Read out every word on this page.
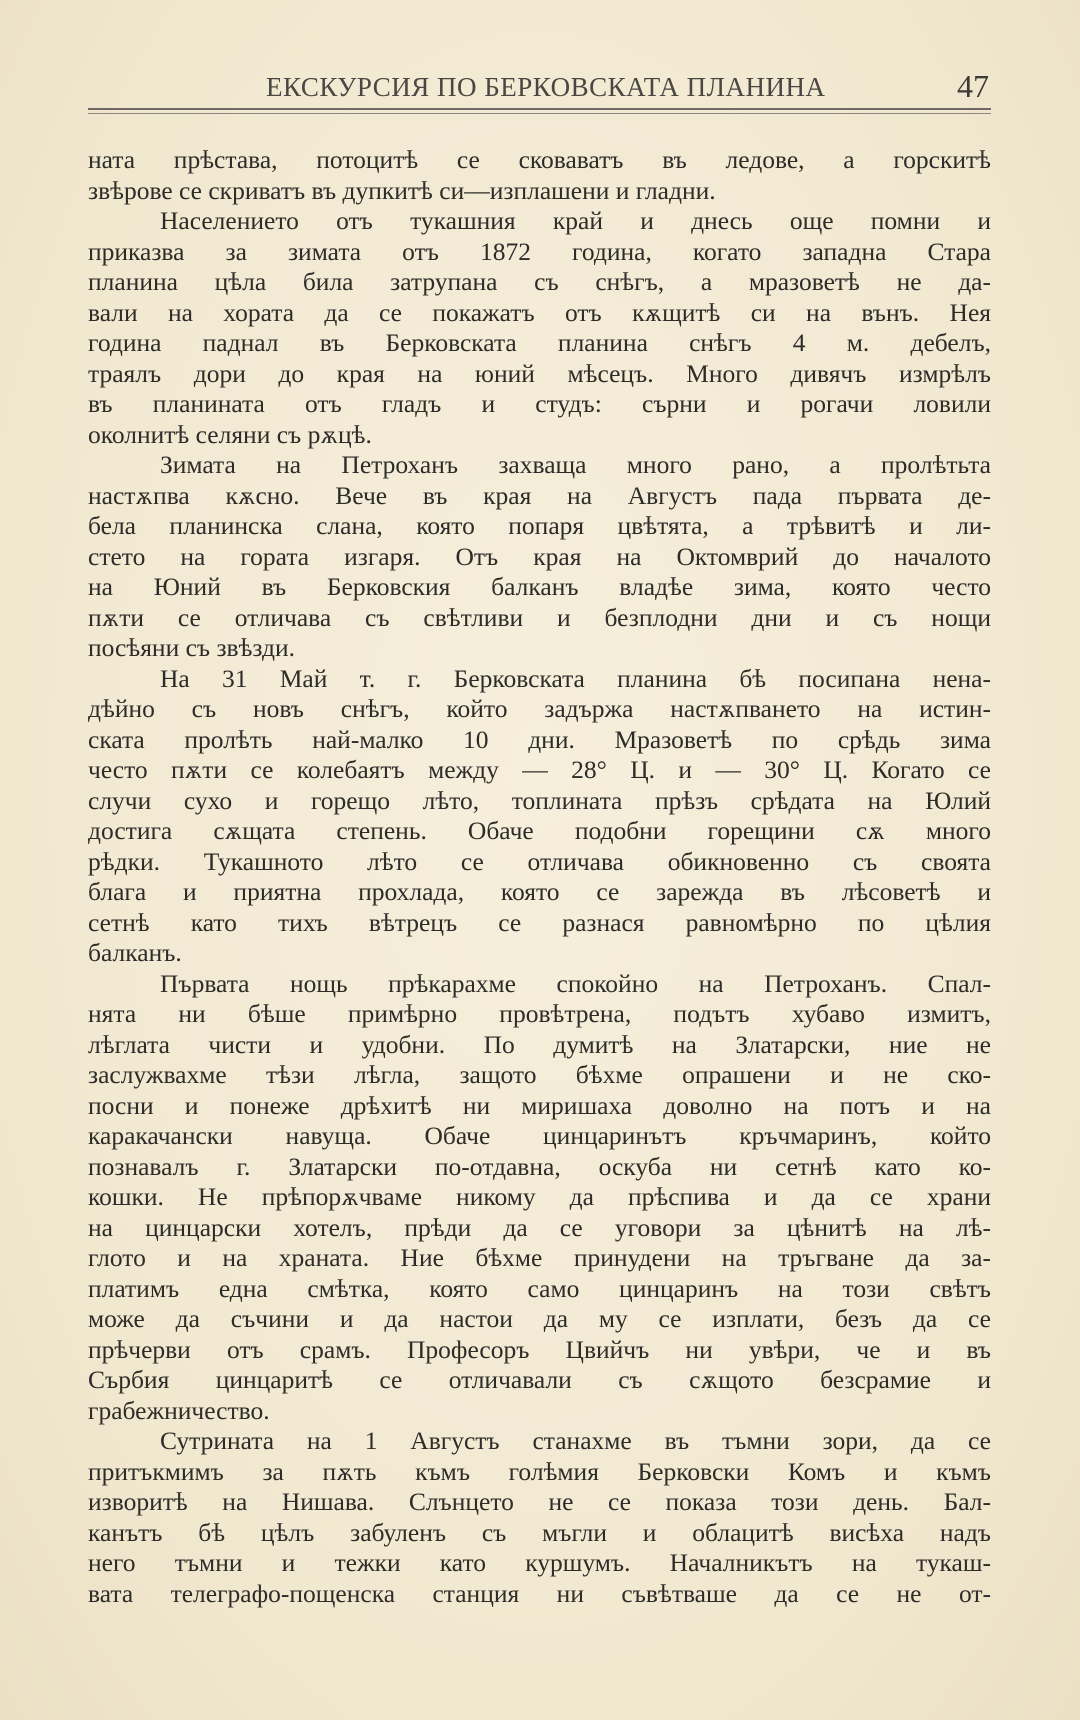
ЕКСКУРСИЯ ПО БЕРКОВСКАТА ПЛАНИНА	47
ната прѣстава, потоцитѣ се сковаватъ въ ледове, а горскитѣ
звѣрове се скриватъ въ дупкитѣ си—изплашени и гладни.
Населението отъ тукашния край и днесь още помни и
приказва за зимата отъ 1872 година, когато западна Стара
планина цѣла била затрупана съ снѣгъ, а мразоветѣ не да-
вали на хората да се покажатъ отъ кѫщитѣ си на вънъ. Нея
година паднал въ Берковската планина снѣгъ 4 м. дебелъ,
траялъ дори до края на юний мѣсецъ. Много дивячъ измрѣлъ
въ планината отъ гладъ и студъ: сърни и рогачи ловили
околнитѣ селяни съ рѫцѣ.
Зимата на Петроханъ захваща много рано, а пролѣтьта
настѫпва кѫсно. Вече въ края на Августъ пада първата де-
бела планинска слана, която попаря цвѣтята, а трѣвитѣ и ли-
стето на гората изгаря. Отъ края на Октомврий до началото
на Юний въ Берковския балканъ владѣе зима, която често
пѫти се отличава съ свѣтливи и безплодни дни и съ нощи
посѣяни съ звѣзди.
На 31 Май т. г. Берковската планина бѣ посипана нена-
дѣйно съ новъ снѣгъ, който задържа настѫпването на истин-
ската пролѣть най-малко 10 дни. Мразоветѣ по срѣдь зима
често пѫти се колебаятъ между — 28° Ц. и — 30° Ц. Когато се
случи сухо и горещо лѣто, топлината прѣзъ срѣдата на Юлий
достига сѫщата степень. Обаче подобни горещини сѫ много
рѣдки. Тукашното лѣто се отличава обикновенно съ своята
блага и приятна прохлада, която се зарежда въ лѣсоветѣ и
сетнѣ като тихъ вѣтрецъ се разнася равномѣрно по цѣлия
балканъ.
Първата нощь прѣкарахме спокойно на Петроханъ. Спал-
нята ни бѣше примѣрно провѣтрена, подътъ хубаво измитъ,
лѣглата чисти и удобни. По думитѣ на Златарски, ние не
заслужвахме тѣзи лѣгла, защото бѣхме опрашени и не ско-
посни и понеже дрѣхитѣ ни миришаха доволно на потъ и на
каракачански навуща. Обаче цинцаринътъ кръчмаринъ, който
познавалъ г. Златарски по-отдавна, оскуба ни сетнѣ като ко-
кошки. Не прѣпорѫчваме никому да прѣспива и да се храни
на цинцарски хотелъ, прѣди да се уговори за цѣнитѣ на лѣ-
глото и на храната. Ние бѣхме принудени на тръгване да за-
платимъ една смѣтка, която само цинцаринъ на този свѣтъ
може да съчини и да настои да му се изплати, безъ да се
прѣчерви отъ срамъ. Професоръ Цвийчъ ни увѣри, че и въ
Сърбия цинцаритѣ се отличавали съ сѫщото безсрамие и
грабежничество.
Сутрината на 1 Августъ станахме въ тъмни зори, да се
притъкмимъ за пѫть къмъ голѣмия Берковски Комъ и къмъ
изворитѣ на Нишава. Слънцето не се показа този день. Бал-
канътъ бѣ цѣлъ забуленъ съ мъгли и облацитѣ висѣха надъ
него тъмни и тежки като куршумъ. Началникътъ на тукаш-
вата телеграфо-пощенска станция ни съвѣтваше да се не от-
